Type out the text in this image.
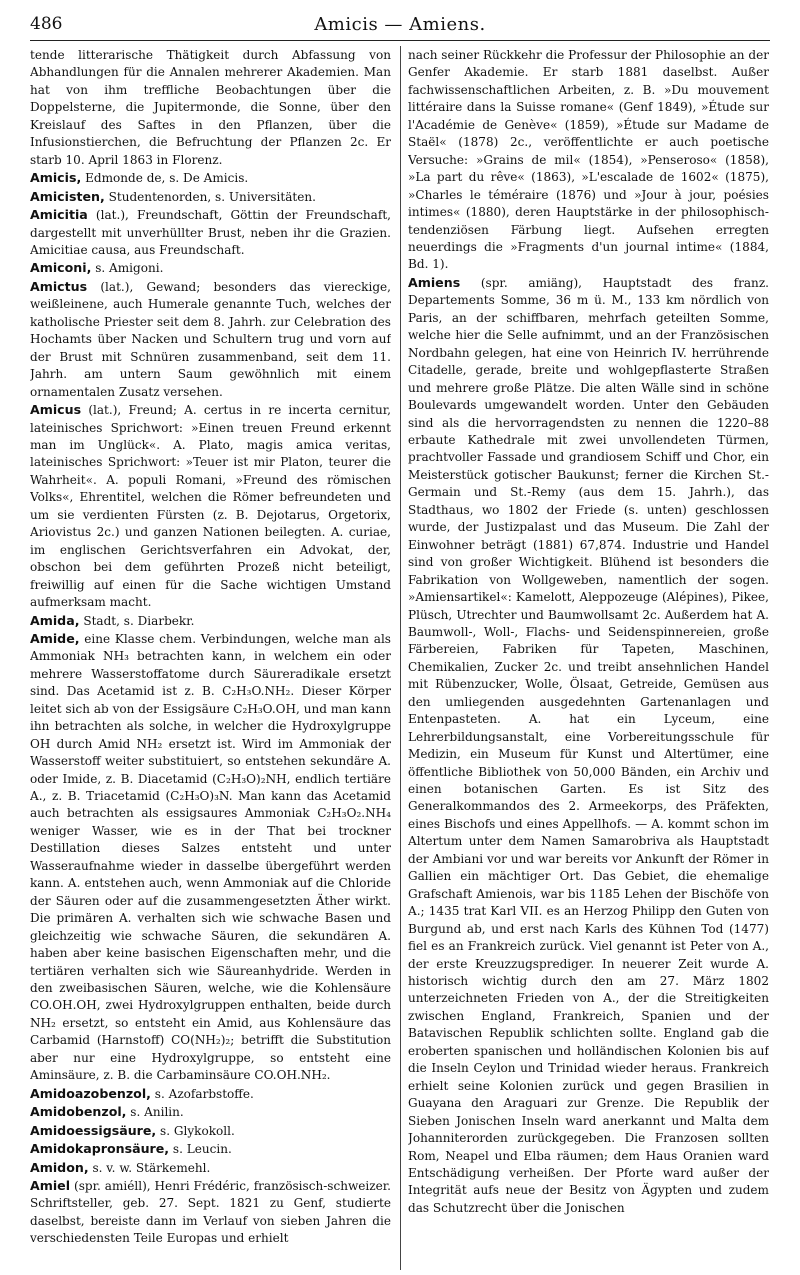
486	Amicis — Amiens.

tende litterarische Thätigkeit durch Abfassung von Abhandlungen für die Annalen mehrerer Akademien. Man hat von ihm treffliche Beobachtungen über die Doppelsterne, die Jupitermonde, die Sonne, über den Kreislauf des Saftes in den Pflanzen, über die Infusionstierchen, die Befruchtung der Pflanzen 2c. Er starb 10. April 1863 in Florenz.

Amicis, Edmonde de, s. De Amicis.

Amicisten, Studentenorden, s. Universitäten.

Amicitia (lat.), Freundschaft, Göttin der Freundschaft, dargestellt mit unverhüllter Brust, neben ihr die Grazien. Amicitiae causa, aus Freundschaft.

Amiconi, s. Amigoni.

Amictus (lat.), Gewand; besonders das viereckige, weißleinene, auch Humerale genannte Tuch, welches der katholische Priester seit dem 8. Jahrh. zur Celebration des Hochamts über Nacken und Schultern trug und vorn auf der Brust mit Schnüren zusammenband, seit dem 11. Jahrh. am untern Saum gewöhnlich mit einem ornamentalen Zusatz versehen.

Amicus (lat.), Freund; A. certus in re incerta cernitur, lateinisches Sprichwort: »Einen treuen Freund erkennt man im Unglück«. A. Plato, magis amica veritas, lateinisches Sprichwort: »Teuer ist mir Platon, teurer die Wahrheit«. A. populi Romani, »Freund des römischen Volks«, Ehrentitel, welchen die Römer befreundeten und um sie verdienten Fürsten (z. B. Dejotarus, Orgetorix, Ariovistus 2c.) und ganzen Nationen beilegten. A. curiae, im englischen Gerichtsverfahren ein Advokat, der, obschon bei dem geführten Prozeß nicht beteiligt, freiwillig auf einen für die Sache wichtigen Umstand aufmerksam macht.

Amida, Stadt, s. Diarbekr.

Amide, eine Klasse chem. Verbindungen, welche man als Ammoniak NH₃ betrachten kann, in welchem ein oder mehrere Wasserstoffatome durch Säureradikale ersetzt sind. Das Acetamid ist z. B. C₂H₃O.NH₂. Dieser Körper leitet sich ab von der Essigsäure C₂H₃O.OH, und man kann ihn betrachten als solche, in welcher die Hydroxylgruppe OH durch Amid NH₂ ersetzt ist. Wird im Ammoniak der Wasserstoff weiter substituiert, so entstehen sekundäre A. oder Imide, z. B. Diacetamid (C₂H₃O)₂NH, endlich tertiäre A., z. B. Triacetamid (C₂H₃O)₃N. Man kann das Acetamid auch betrachten als essigsaures Ammoniak C₂H₃O₂.NH₄ weniger Wasser, wie es in der That bei trockner Destillation dieses Salzes entsteht und unter Wasseraufnahme wieder in dasselbe übergeführt werden kann. A. entstehen auch, wenn Ammoniak auf die Chloride der Säuren oder auf die zusammengesetzten Äther wirkt. Die primären A. verhalten sich wie schwache Basen und gleichzeitig wie schwache Säuren, die sekundären A. haben aber keine basischen Eigenschaften mehr, und die tertiären verhalten sich wie Säureanhydride. Werden in den zweibasischen Säuren, welche, wie die Kohlensäure CO.OH.OH, zwei Hydroxylgruppen enthalten, beide durch NH₂ ersetzt, so entsteht ein Amid, aus Kohlensäure das Carbamid (Harnstoff) CO(NH₂)₂; betrifft die Substitution aber nur eine Hydroxylgruppe, so entsteht eine Aminsäure, z. B. die Carbaminsäure CO.OH.NH₂.

Amidoazobenzol, s. Azofarbstoffe.

Amidobenzol, s. Anilin.

Amidoessigsäure, s. Glykokoll.

Amidokapronsäure, s. Leucin.

Amidon, s. v. w. Stärkemehl.

Amiel (spr. amiéll), Henri Frédéric, französisch-schweizer. Schriftsteller, geb. 27. Sept. 1821 zu Genf, studierte daselbst, bereiste dann im Verlauf von sieben Jahren die verschiedensten Teile Europas und erhielt

nach seiner Rückkehr die Professur der Philosophie an der Genfer Akademie. Er starb 1881 daselbst. Außer fachwissenschaftlichen Arbeiten, z. B. »Du mouvement littéraire dans la Suisse romane« (Genf 1849), »Étude sur l'Académie de Genève« (1859), »Étude sur Madame de Staël« (1878) 2c., veröffentlichte er auch poetische Versuche: »Grains de mil« (1854), »Penseroso« (1858), »La part du rêve« (1863), »L'escalade de 1602« (1875), »Charles le téméraire (1876) und »Jour à jour, poésies intimes« (1880), deren Hauptstärke in der philosophisch-tendenziösen Färbung liegt. Aufsehen erregten neuerdings die »Fragments d'un journal intime« (1884, Bd. 1).

Amiens (spr. amiäng), Hauptstadt des franz. Departements Somme, 36 m ü. M., 133 km nördlich von Paris, an der schiffbaren, mehrfach geteilten Somme, welche hier die Selle aufnimmt, und an der Französischen Nordbahn gelegen, hat eine von Heinrich IV. herrührende Citadelle, gerade, breite und wohlgepflasterte Straßen und mehrere große Plätze. Die alten Wälle sind in schöne Boulevards umgewandelt worden. Unter den Gebäuden sind als die hervorragendsten zu nennen die 1220–88 erbaute Kathedrale mit zwei unvollendeten Türmen, prachtvoller Fassade und grandiosem Schiff und Chor, ein Meisterstück gotischer Baukunst; ferner die Kirchen St.-Germain und St.-Remy (aus dem 15. Jahrh.), das Stadthaus, wo 1802 der Friede (s. unten) geschlossen wurde, der Justizpalast und das Museum. Die Zahl der Einwohner beträgt (1881) 67,874. Industrie und Handel sind von großer Wichtigkeit. Blühend ist besonders die Fabrikation von Wollgeweben, namentlich der sogen. »Amiensartikel«: Kamelott, Aleppozeuge (Alépines), Pikee, Plüsch, Utrechter und Baumwollsamt 2c. Außerdem hat A. Baumwoll-, Woll-, Flachs- und Seidenspinnereien, große Färbereien, Fabriken für Tapeten, Maschinen, Chemikalien, Zucker 2c. und treibt ansehnlichen Handel mit Rübenzucker, Wolle, Ölsaat, Getreide, Gemüsen aus den umliegenden ausgedehnten Gartenanlagen und Entenpasteten. A. hat ein Lyceum, eine Lehrerbildungsanstalt, eine Vorbereitungsschule für Medizin, ein Museum für Kunst und Altertümer, eine öffentliche Bibliothek von 50,000 Bänden, ein Archiv und einen botanischen Garten. Es ist Sitz des Generalkommandos des 2. Armeekorps, des Präfekten, eines Bischofs und eines Appellhofs. — A. kommt schon im Altertum unter dem Namen Samarobriva als Hauptstadt der Ambiani vor und war bereits vor Ankunft der Römer in Gallien ein mächtiger Ort. Das Gebiet, die ehemalige Grafschaft Amienois, war bis 1185 Lehen der Bischöfe von A.; 1435 trat Karl VII. es an Herzog Philipp den Guten von Burgund ab, und erst nach Karls des Kühnen Tod (1477) fiel es an Frankreich zurück. Viel genannt ist Peter von A., der erste Kreuzzugsprediger. In neuerer Zeit wurde A. historisch wichtig durch den am 27. März 1802 unterzeichneten Frieden von A., der die Streitigkeiten zwischen England, Frankreich, Spanien und der Batavischen Republik schlichten sollte. England gab die eroberten spanischen und holländischen Kolonien bis auf die Inseln Ceylon und Trinidad wieder heraus. Frankreich erhielt seine Kolonien zurück und gegen Brasilien in Guayana den Araguari zur Grenze. Die Republik der Sieben Jonischen Inseln ward anerkannt und Malta dem Johanniterorden zurückgegeben. Die Franzosen sollten Rom, Neapel und Elba räumen; dem Haus Oranien ward Entschädigung verheißen. Der Pforte ward außer der Integrität aufs neue der Besitz von Ägypten und zudem das Schutzrecht über die Jonischen
